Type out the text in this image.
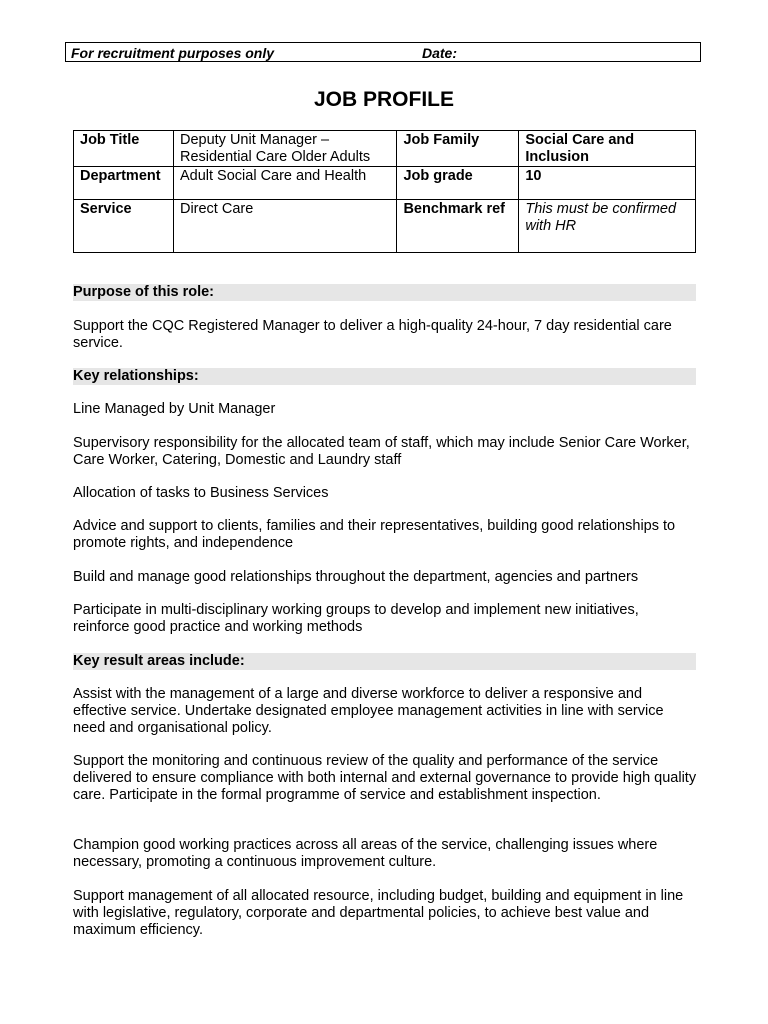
For recruitment purposes only	Date:
JOB PROFILE
Job Title	Deputy Unit Manager – Residential Care Older Adults	Job Family	Social Care and Inclusion
Department	Adult Social Care and Health	Job grade	10
Service	Direct Care	Benchmark ref	This must be confirmed with HR
Purpose of this role:

Support the CQC Registered Manager to deliver a high-quality 24-hour, 7 day residential care service.

Key relationships:

Line Managed by Unit Manager

Supervisory responsibility for the allocated team of staff, which may include Senior Care Worker, Care Worker, Catering, Domestic and Laundry staff

Allocation of tasks to Business Services

Advice and support to clients, families and their representatives, building good relationships to promote rights, and independence

Build and manage good relationships throughout the department, agencies and partners

Participate in multi-disciplinary working groups to develop and implement new initiatives, reinforce good practice and working methods

Key result areas include:

Assist with the management of a large and diverse workforce to deliver a responsive and effective service. Undertake designated employee management activities in line with service need and organisational policy.

Support the monitoring and continuous review of the quality and performance of the service delivered to ensure compliance with both internal and external governance to provide high quality care. Participate in the formal programme of service and establishment inspection.

Champion good working practices across all areas of the service, challenging issues where necessary, promoting a continuous improvement culture.

Support management of all allocated resource, including budget, building and equipment in line with legislative, regulatory, corporate and departmental policies, to achieve best value and maximum efficiency.
